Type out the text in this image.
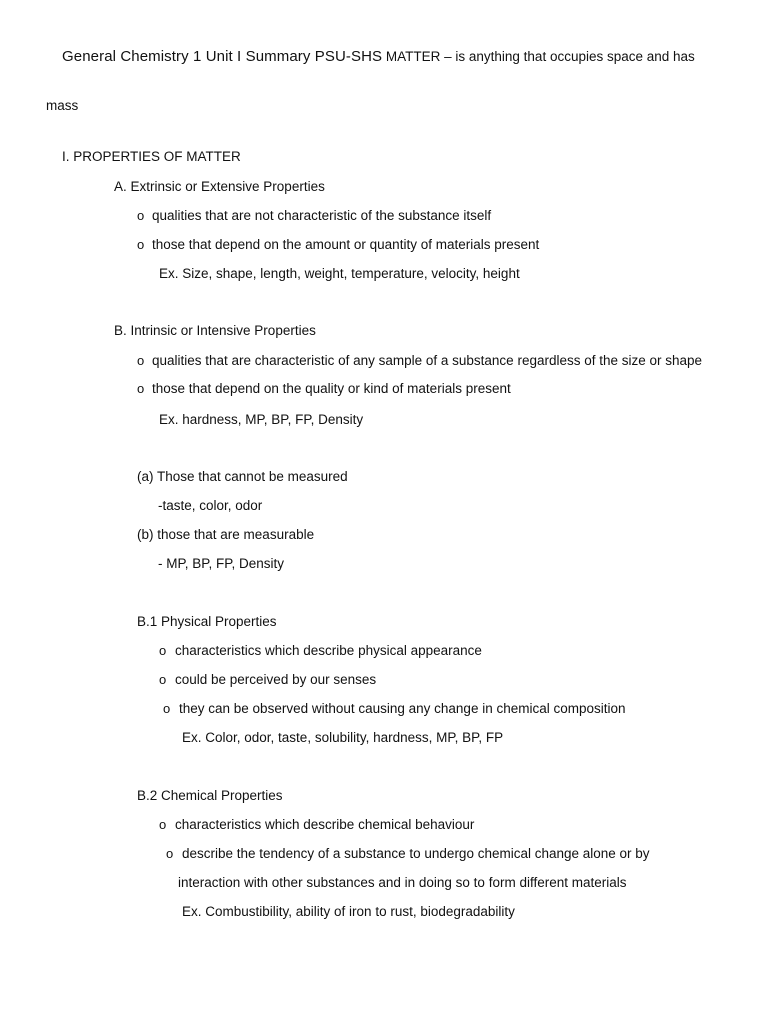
General Chemistry 1 Unit I Summary PSU-SHS MATTER – is anything that occupies space and has
mass
I. PROPERTIES OF MATTER
A. Extrinsic or Extensive Properties
o qualities that are not characteristic of the substance itself
o those that depend on the amount or quantity of materials present
Ex. Size, shape, length, weight, temperature, velocity, height
B. Intrinsic or Intensive Properties
o qualities that are characteristic of any sample of a substance regardless of the size or shape
o those that depend on the quality or kind of materials present
Ex. hardness, MP, BP, FP, Density
(a) Those that cannot be measured
-taste, color, odor
(b) those that are measurable
- MP, BP, FP, Density
B.1 Physical Properties
o characteristics which describe physical appearance
o could be perceived by our senses
o they can be observed without causing any change in chemical composition
Ex. Color, odor, taste, solubility, hardness, MP, BP, FP
B.2 Chemical Properties
o characteristics which describe chemical behaviour
o describe the tendency of a substance to undergo chemical change alone or by
interaction with other substances and in doing so to form different materials
Ex. Combustibility, ability of iron to rust, biodegradability
